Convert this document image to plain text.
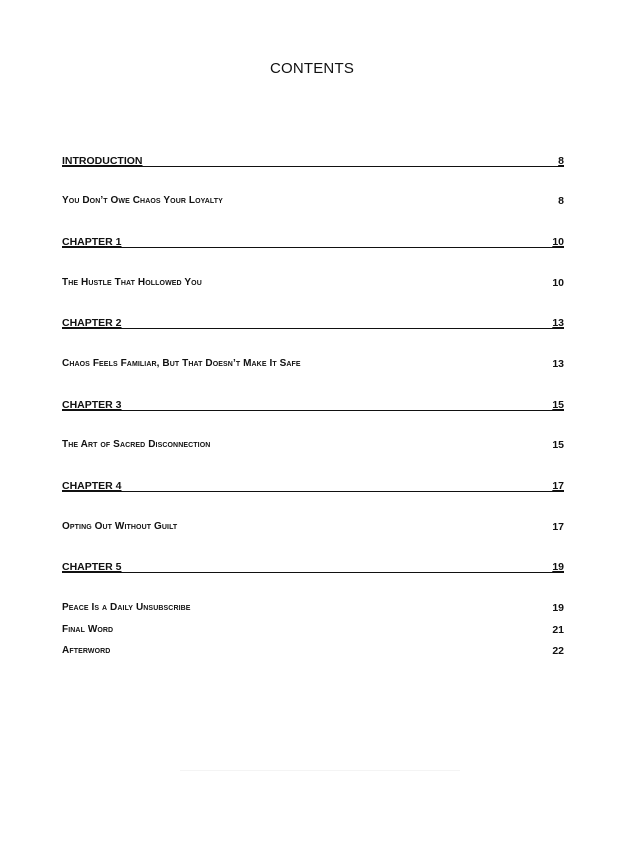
CONTENTS
INTRODUCTION	8
You Don’t Owe Chaos Your Loyalty	8
CHAPTER 1	10
The Hustle That Hollowed You	10
CHAPTER 2	13
Chaos Feels Familiar, But That Doesn’t Make It Safe	13
CHAPTER 3	15
The Art of Sacred Disconnection	15
CHAPTER 4	17
Opting Out Without Guilt	17
CHAPTER 5	19
Peace Is a Daily Unsubscribe	19
Final Word	21
Afterword	22
